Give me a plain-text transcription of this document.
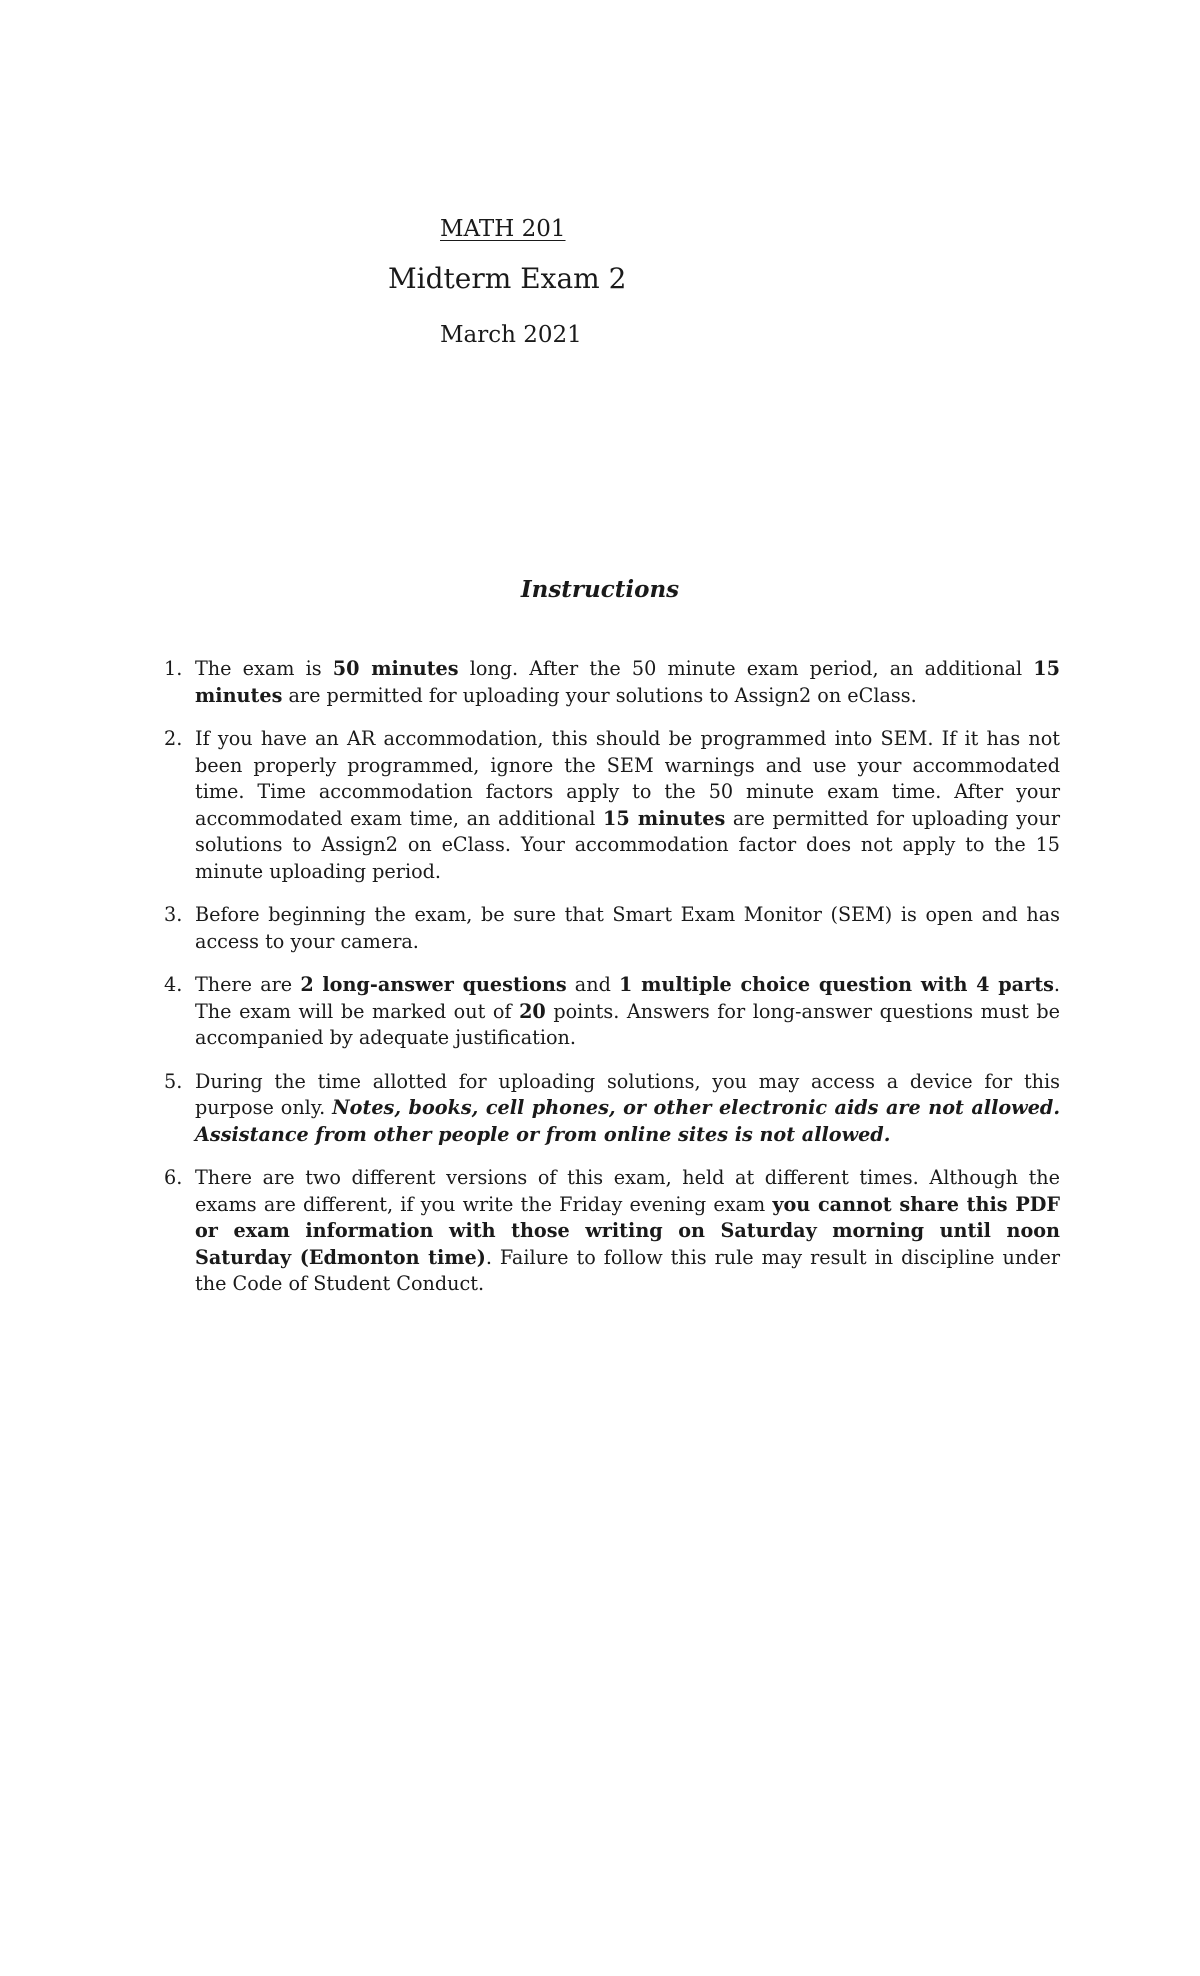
MATH 201
Midterm Exam 2
March 2021
Instructions
1. The exam is 50 minutes long. After the 50 minute exam period, an additional 15 minutes are permitted for uploading your solutions to Assign2 on eClass.
2. If you have an AR accommodation, this should be programmed into SEM. If it has not been properly programmed, ignore the SEM warnings and use your accommodated time. Time accommodation factors apply to the 50 minute exam time. After your accommodated exam time, an additional 15 minutes are permitted for uploading your solutions to Assign2 on eClass. Your accommodation factor does not apply to the 15 minute uploading period.
3. Before beginning the exam, be sure that Smart Exam Monitor (SEM) is open and has access to your camera.
4. There are 2 long-answer questions and 1 multiple choice question with 4 parts. The exam will be marked out of 20 points. Answers for long-answer questions must be accompanied by adequate justification.
5. During the time allotted for uploading solutions, you may access a device for this purpose only. Notes, books, cell phones, or other electronic aids are not allowed. Assistance from other people or from online sites is not allowed.
6. There are two different versions of this exam, held at different times. Although the exams are different, if you write the Friday evening exam you cannot share this PDF or exam information with those writing on Saturday morning until noon Saturday (Edmonton time). Failure to follow this rule may result in discipline under the Code of Student Conduct.
